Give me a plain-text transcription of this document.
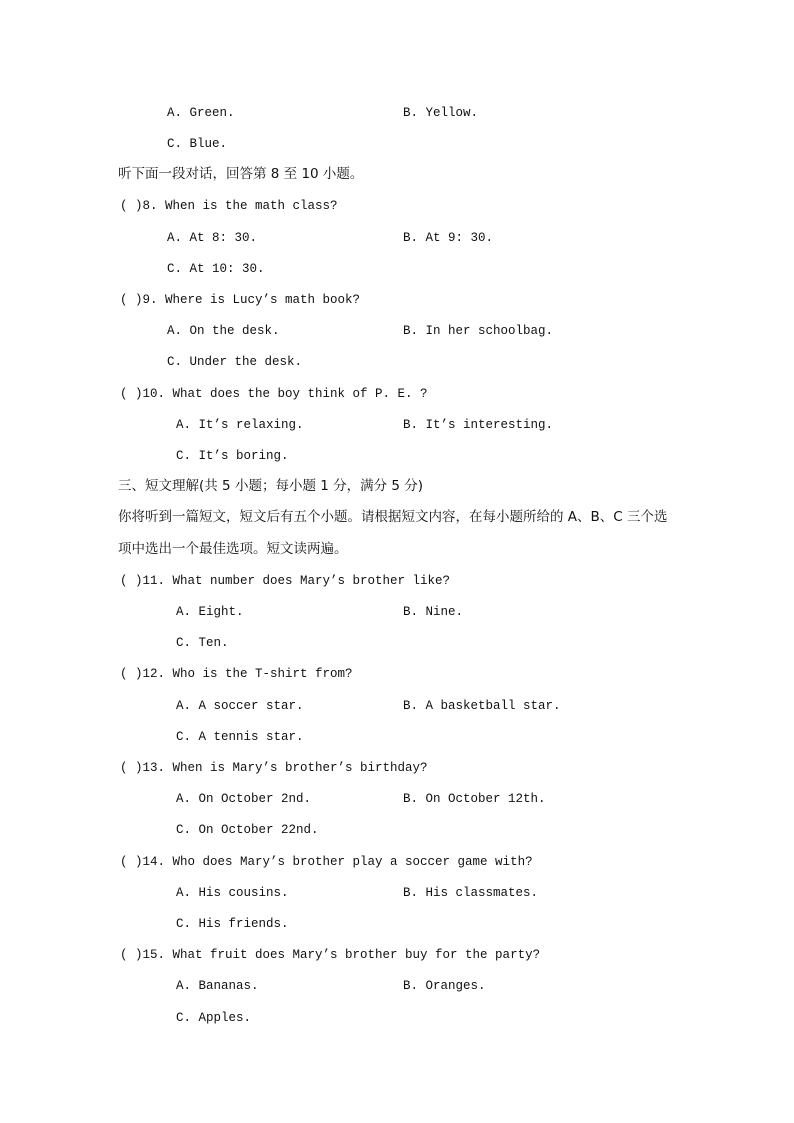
A. Green.	B. Yellow.
C. Blue.
听下面一段对话，回答第 8 至 10 小题。
( )8. When is the math class?
A. At 8: 30.	B. At 9: 30.
C. At 10: 30.
( )9. Where is Lucy’s math book?
A. On the desk.	B. In her schoolbag.
C. Under the desk.
( )10. What does the boy think of P. E. ?
A. It’s relaxing.	B. It’s interesting.
C. It’s boring.
三、短文理解(共 5 小题；每小题 1 分，满分 5 分)
你将听到一篇短文，短文后有五个小题。请根据短文内容，在每小题所给的 A、B、C 三个选
项中选出一个最佳选项。短文读两遍。
( )11. What number does Mary’s brother like?
A. Eight.	B. Nine.
C. Ten.
( )12. Who is the T-shirt from?
A. A soccer star.	B. A basketball star.
C. A tennis star.
( )13. When is Mary’s brother’s birthday?
A. On October 2nd.	B. On October 12th.
C. On October 22nd.
( )14. Who does Mary’s brother play a soccer game with?
A. His cousins.	B. His classmates.
C. His friends.
( )15. What fruit does Mary’s brother buy for the party?
A. Bananas.	B. Oranges.
C. Apples.
